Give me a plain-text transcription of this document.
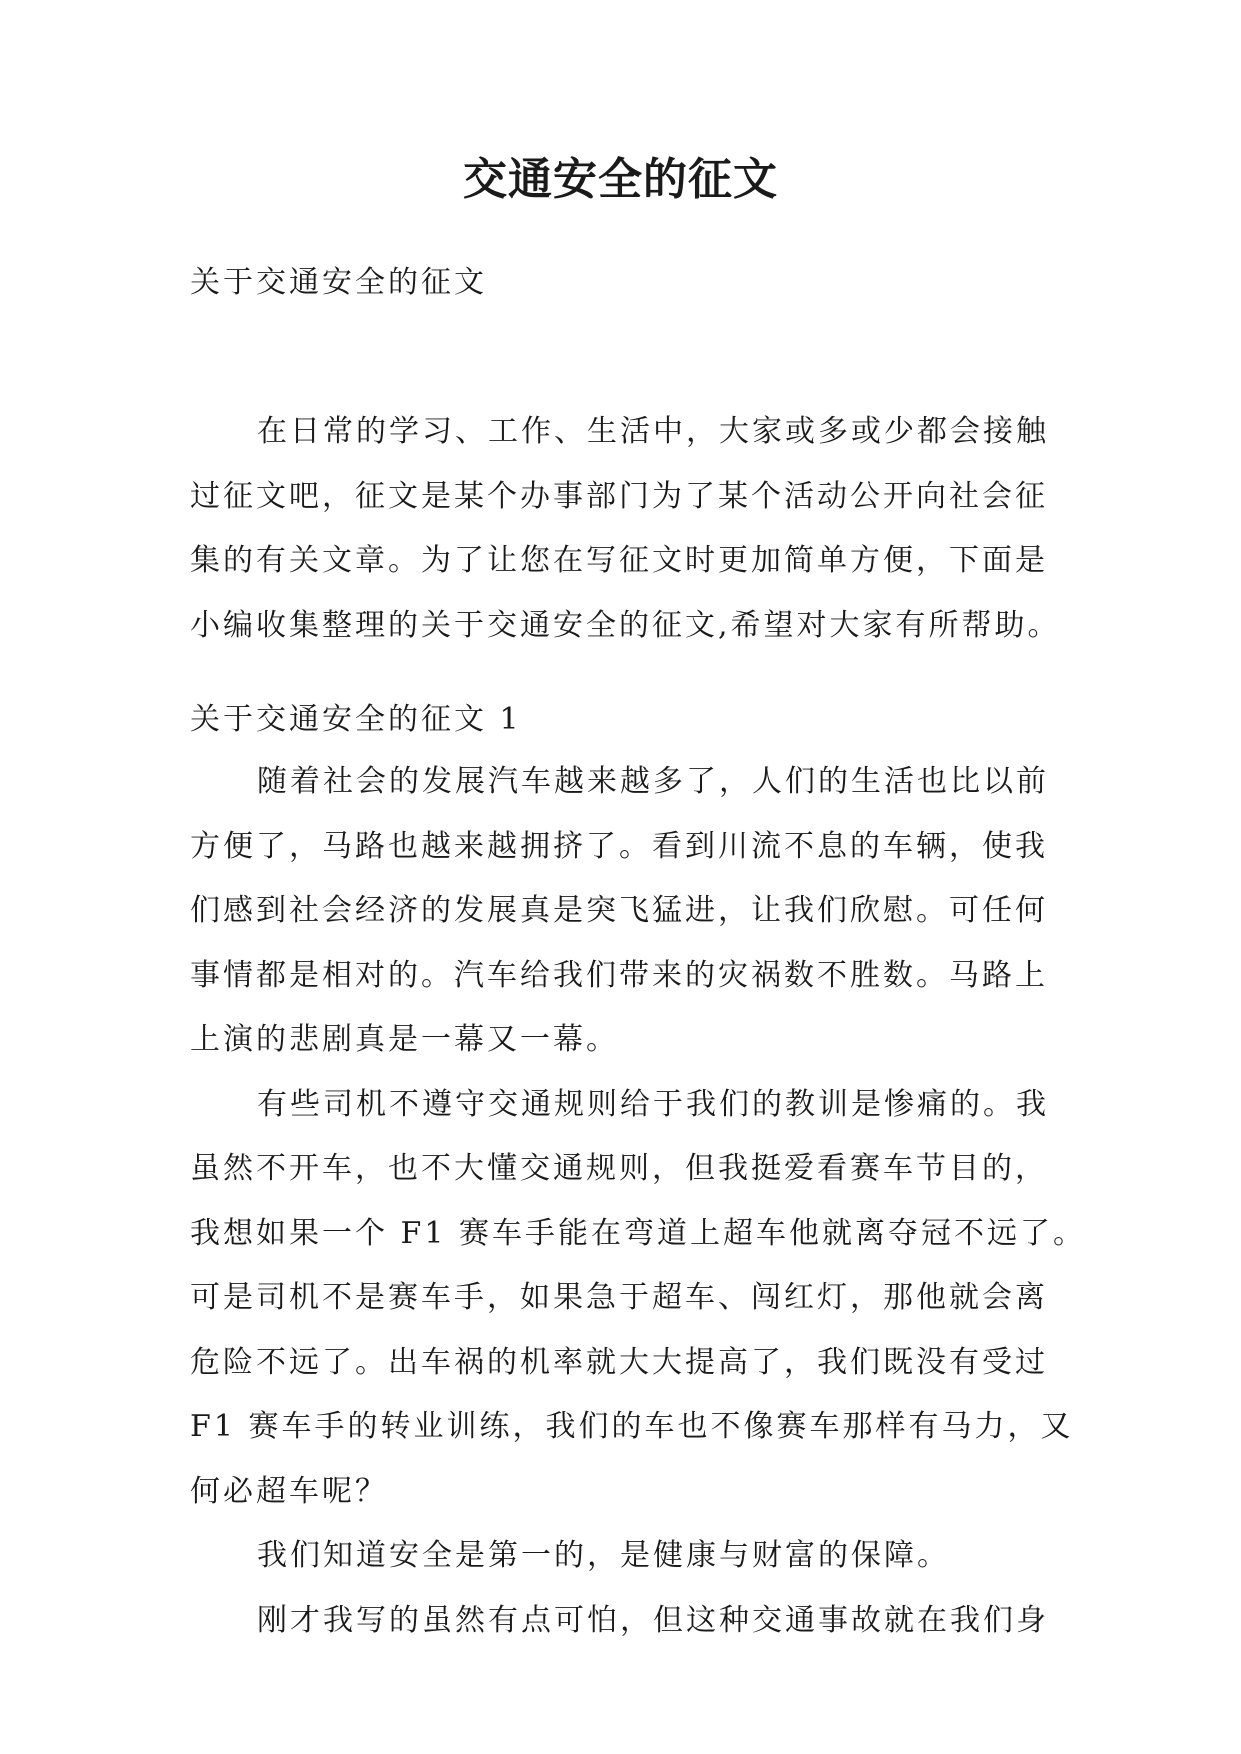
交通安全的征文

关于交通安全的征文

在日常的学习、工作、生活中，大家或多或少都会接触
过征文吧，征文是某个办事部门为了某个活动公开向社会征
集的有关文章。为了让您在写征文时更加简单方便，下面是
小编收集整理的关于交通安全的征文,希望对大家有所帮助。

关于交通安全的征文 1

随着社会的发展汽车越来越多了，人们的生活也比以前
方便了，马路也越来越拥挤了。看到川流不息的车辆，使我
们感到社会经济的发展真是突飞猛进，让我们欣慰。可任何
事情都是相对的。汽车给我们带来的灾祸数不胜数。马路上
上演的悲剧真是一幕又一幕。
有些司机不遵守交通规则给于我们的教训是惨痛的。我
虽然不开车，也不大懂交通规则，但我挺爱看赛车节目的，
我想如果一个 F1 赛车手能在弯道上超车他就离夺冠不远了。
可是司机不是赛车手，如果急于超车、闯红灯，那他就会离
危险不远了。出车祸的机率就大大提高了，我们既没有受过
F1 赛车手的转业训练，我们的车也不像赛车那样有马力，又
何必超车呢？
我们知道安全是第一的，是健康与财富的保障。
刚才我写的虽然有点可怕，但这种交通事故就在我们身
